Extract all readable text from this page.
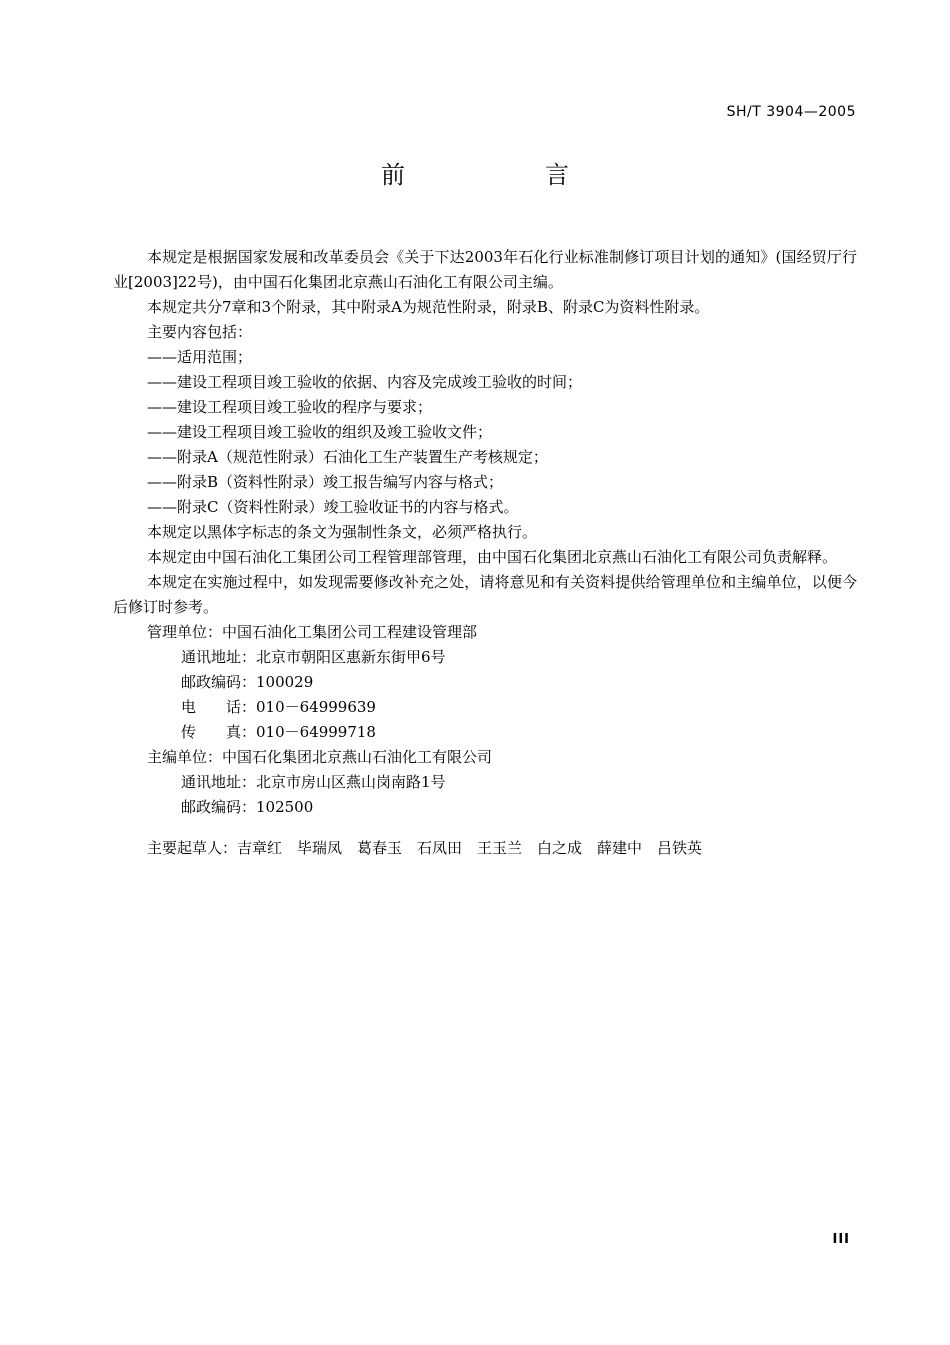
SH/T 3904—2005
前言

本规定是根据国家发展和改革委员会《关于下达2003年石化行业标准制修订项目计划的通知》(国经贸厅行业[2003]22号)，由中国石化集团北京燕山石油化工有限公司主编。

本规定共分7章和3个附录，其中附录A为规范性附录，附录B、附录C为资料性附录。

主要内容包括：

——适用范围；

——建设工程项目竣工验收的依据、内容及完成竣工验收的时间；

——建设工程项目竣工验收的程序与要求；

——建设工程项目竣工验收的组织及竣工验收文件；

——附录A（规范性附录）石油化工生产装置生产考核规定；

——附录B（资料性附录）竣工报告编写内容与格式；

——附录C（资料性附录）竣工验收证书的内容与格式。

本规定以黑体字标志的条文为强制性条文，必须严格执行。

本规定由中国石油化工集团公司工程管理部管理，由中国石化集团北京燕山石油化工有限公司负责解释。

本规定在实施过程中，如发现需要修改补充之处，请将意见和有关资料提供给管理单位和主编单位，以便今后修订时参考。

管理单位：中国石油化工集团公司工程建设管理部

通讯地址：北京市朝阳区惠新东街甲6号

邮政编码：100029

电　　话：010－64999639

传　　真：010－64999718

主编单位：中国石化集团北京燕山石油化工有限公司

通讯地址：北京市房山区燕山岗南路1号

邮政编码：102500

主要起草人：吉章红　毕瑞凤　葛春玉　石凤田　王玉兰　白之成　薛建中　吕铁英

III
